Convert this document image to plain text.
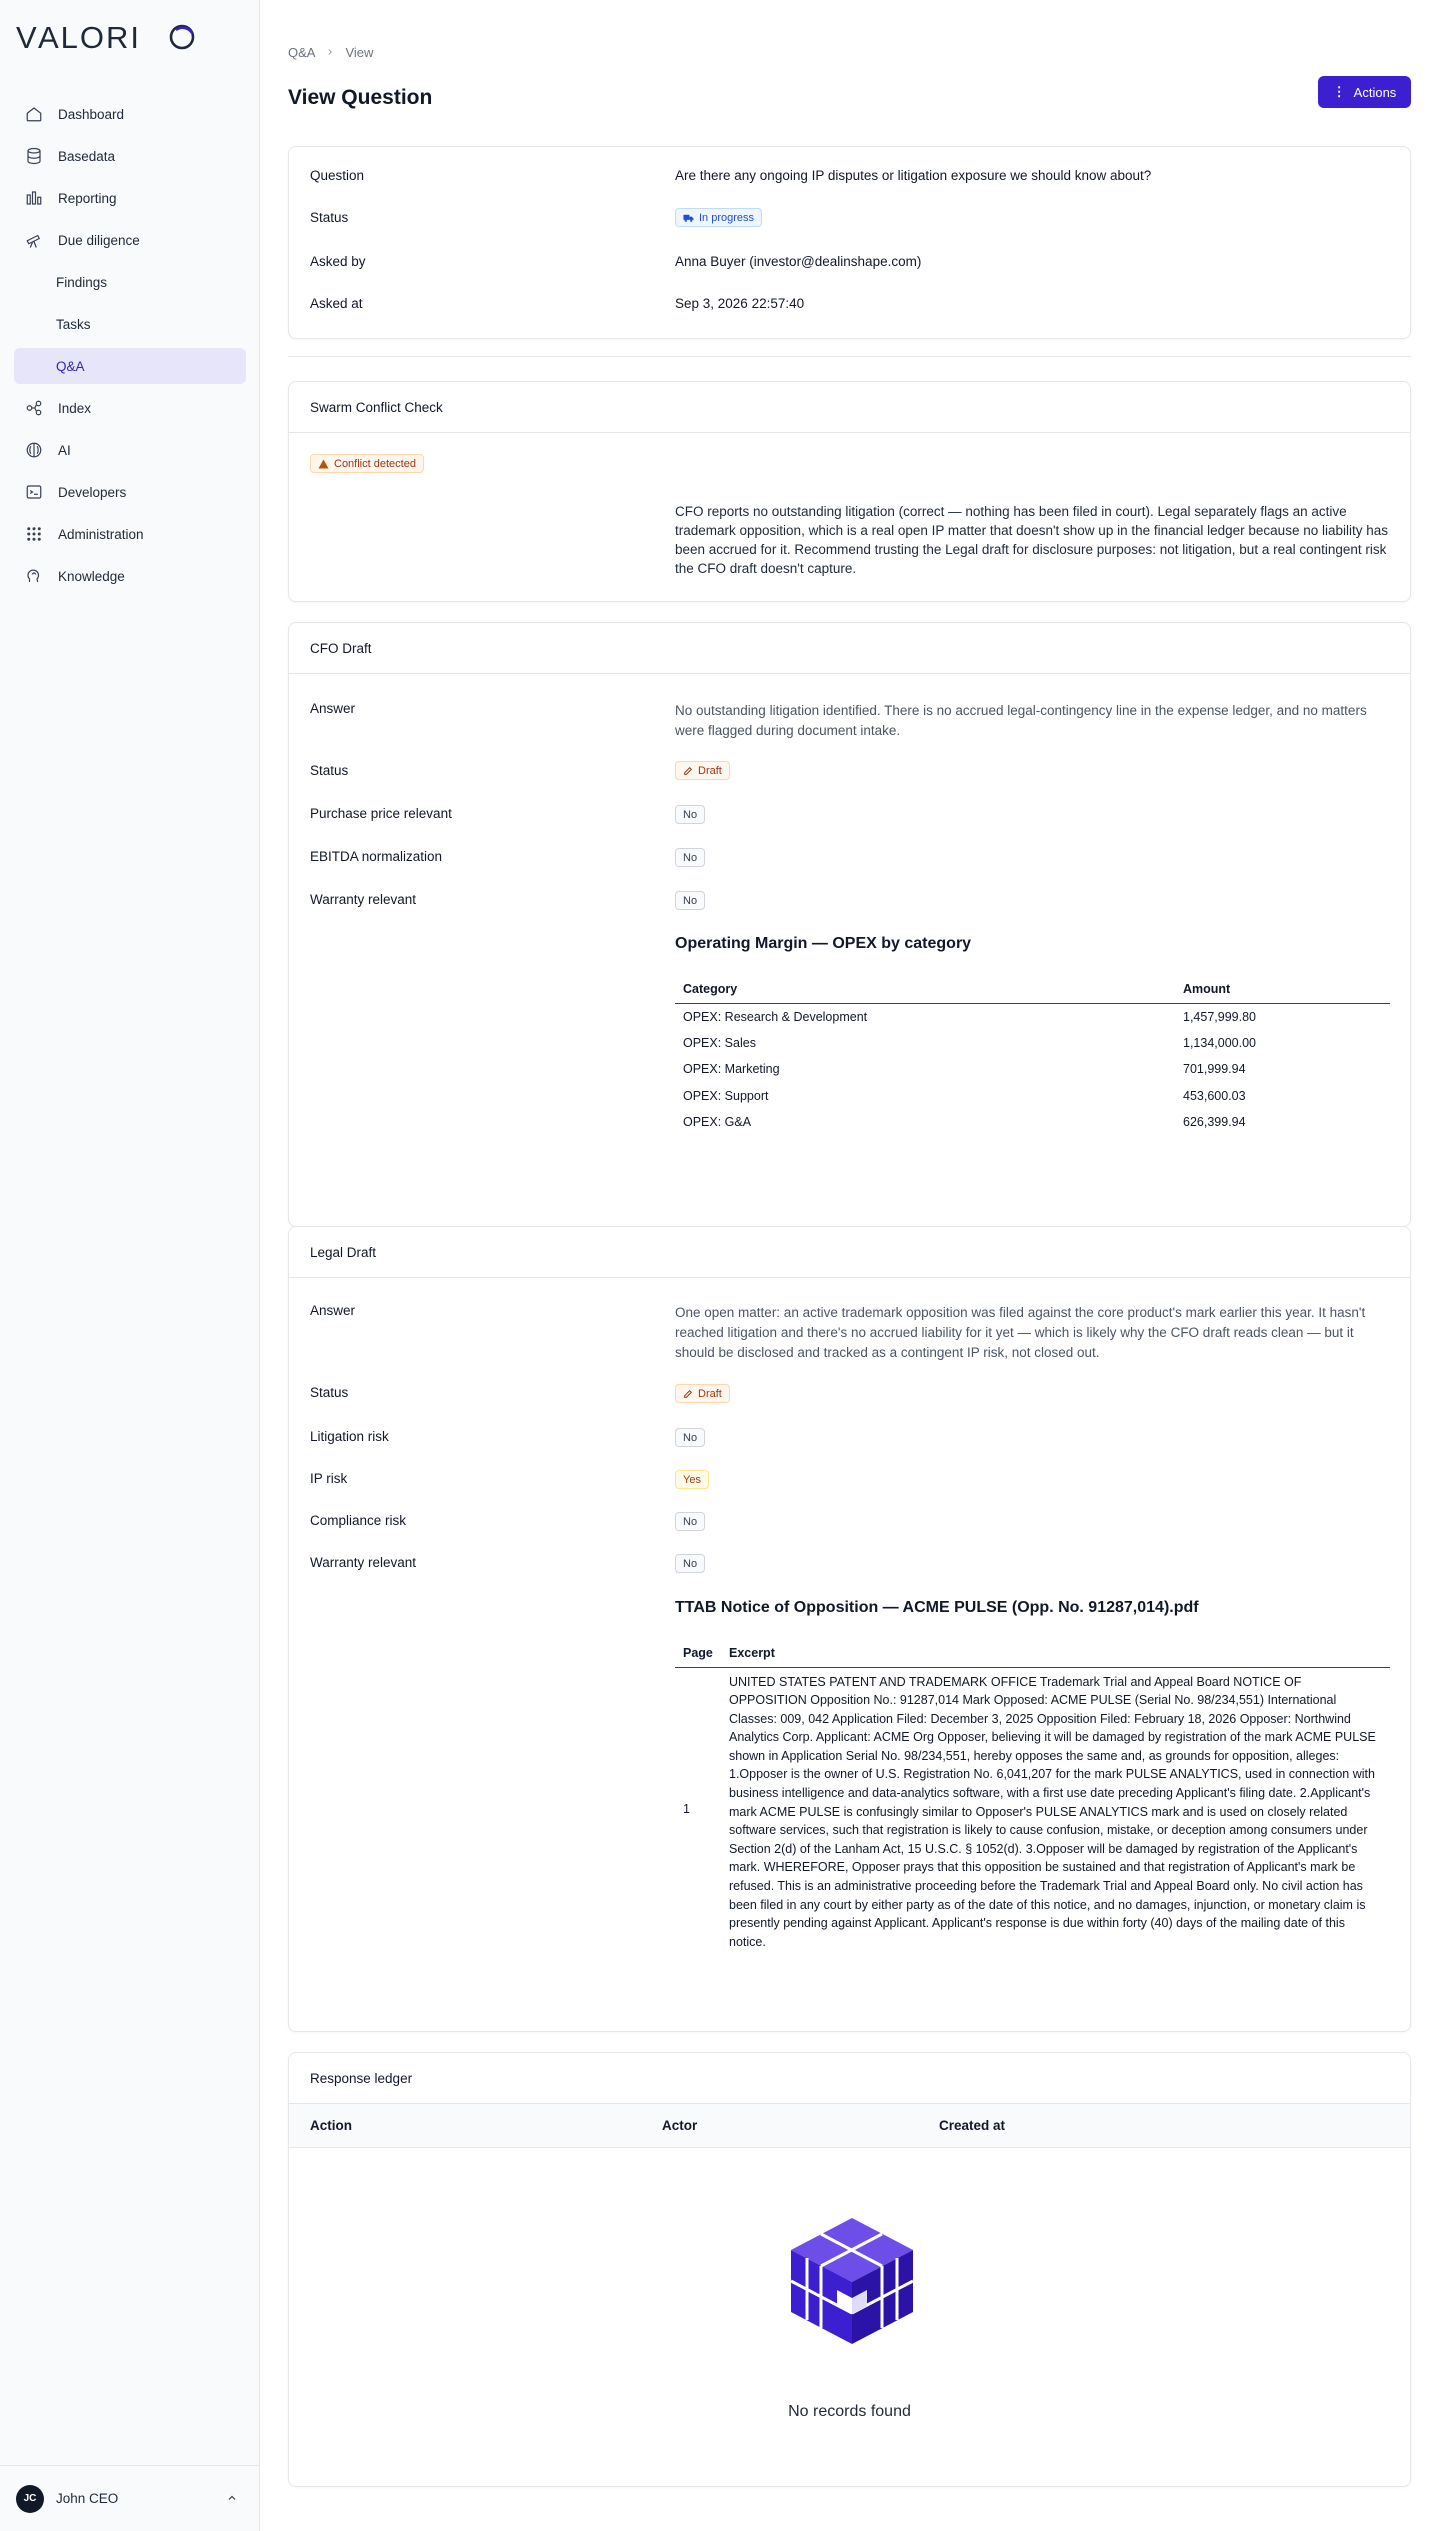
V ALORI
Dashboard
Basedata
Reporting
Due diligence
Findings
Tasks
Q&A
Index
AI
Developers
Administration
Knowledge
JC	John CEO
Q&A View
View Question	⋮ Actions
Question	Are there any ongoing IP disputes or litigation exposure we should know about?
Status	In progress
Asked by	Anna Buyer (investor@dealinshape.com)
Asked at	Sep 3, 2026 22:57:40
Swarm Conflict Check
Conflict detected
CFO reports no outstanding litigation (correct — nothing has been filed in court). Legal separately flags an active trademark opposition, which is a real open IP matter that doesn't show up in the financial ledger because no liability has been accrued for it. Recommend trusting the Legal draft for disclosure purposes: not litigation, but a real contingent risk the CFO draft doesn't capture.
CFO Draft
Answer	No outstanding litigation identified. There is no accrued legal-contingency line in the expense ledger, and no matters were flagged during document intake.
Status	Draft
Purchase price relevant	No
EBITDA normalization	No
Warranty relevant	No
Operating Margin — OPEX by category
Category	Amount
OPEX: Research & Development	1,457,999.80
OPEX: Sales	1,134,000.00
OPEX: Marketing	701,999.94
OPEX: Support	453,600.03
OPEX: G&A	626,399.94
Legal Draft
Answer	One open matter: an active trademark opposition was filed against the core product's mark earlier this year. It hasn't reached litigation and there's no accrued liability for it yet — which is likely why the CFO draft reads clean — but it should be disclosed and tracked as a contingent IP risk, not closed out.
Status	Draft
Litigation risk	No
IP risk	Yes
Compliance risk	No
Warranty relevant	No
TTAB Notice of Opposition — ACME PULSE (Opp. No. 91287,014).pdf
Page	Excerpt
1	UNITED STATES PATENT AND TRADEMARK OFFICE Trademark Trial and Appeal Board NOTICE OF OPPOSITION Opposition No.: 91287,014 Mark Opposed: ACME PULSE (Serial No. 98/234,551) International Classes: 009, 042 Application Filed: December 3, 2025 Opposition Filed: February 18, 2026 Opposer: Northwind Analytics Corp. Applicant: ACME Org Opposer, believing it will be damaged by registration of the mark ACME PULSE shown in Application Serial No. 98/234,551, hereby opposes the same and, as grounds for opposition, alleges: 1.Opposer is the owner of U.S. Registration No. 6,041,207 for the mark PULSE ANALYTICS, used in connection with business intelligence and data-analytics software, with a first use date preceding Applicant's filing date. 2.Applicant's mark ACME PULSE is confusingly similar to Opposer's PULSE ANALYTICS mark and is used on closely related software services, such that registration is likely to cause confusion, mistake, or deception among consumers under Section 2(d) of the Lanham Act, 15 U.S.C. § 1052(d). 3.Opposer will be damaged by registration of the Applicant's mark. WHEREFORE, Opposer prays that this opposition be sustained and that registration of Applicant's mark be refused. This is an administrative proceeding before the Trademark Trial and Appeal Board only. No civil action has been filed in any court by either party as of the date of this notice, and no damages, injunction, or monetary claim is presently pending against Applicant. Applicant's response is due within forty (40) days of the mailing date of this notice.
Response ledger
Action	Actor	Created at
No records found
